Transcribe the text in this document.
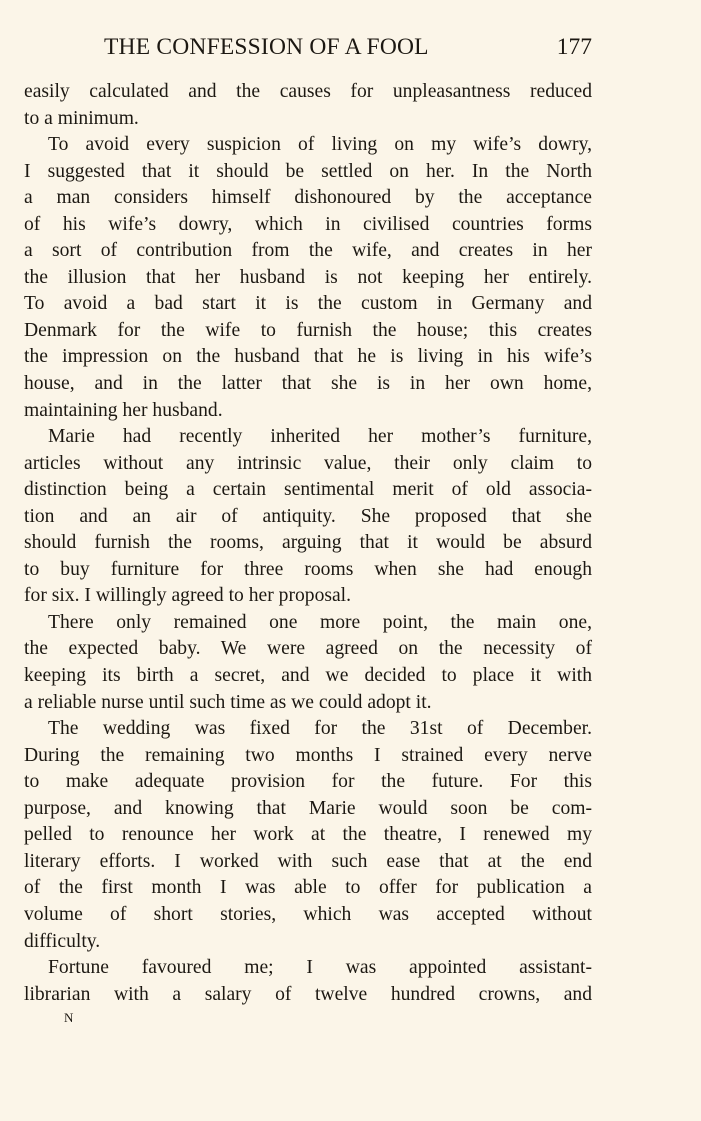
THE CONFESSION OF A FOOL	177
easily calculated and the causes for unpleasantness reduced
to a minimum.
To avoid every suspicion of living on my wife’s dowry,
I suggested that it should be settled on her. In the North
a man considers himself dishonoured by the acceptance
of his wife’s dowry, which in civilised countries forms
a sort of contribution from the wife, and creates in her
the illusion that her husband is not keeping her entirely.
To avoid a bad start it is the custom in Germany and
Denmark for the wife to furnish the house; this creates
the impression on the husband that he is living in his wife’s
house, and in the latter that she is in her own home,
maintaining her husband.
Marie had recently inherited her mother’s furniture,
articles without any intrinsic value, their only claim to
distinction being a certain sentimental merit of old associa-
tion and an air of antiquity. She proposed that she
should furnish the rooms, arguing that it would be absurd
to buy furniture for three rooms when she had enough
for six. I willingly agreed to her proposal.
There only remained one more point, the main one,
the expected baby. We were agreed on the necessity of
keeping its birth a secret, and we decided to place it with
a reliable nurse until such time as we could adopt it.
The wedding was fixed for the 31st of December.
During the remaining two months I strained every nerve
to make adequate provision for the future. For this
purpose, and knowing that Marie would soon be com-
pelled to renounce her work at the theatre, I renewed my
literary efforts. I worked with such ease that at the end
of the first month I was able to offer for publication a
volume of short stories, which was accepted without
difficulty.
Fortune favoured me; I was appointed assistant-
librarian with a salary of twelve hundred crowns, and
N
